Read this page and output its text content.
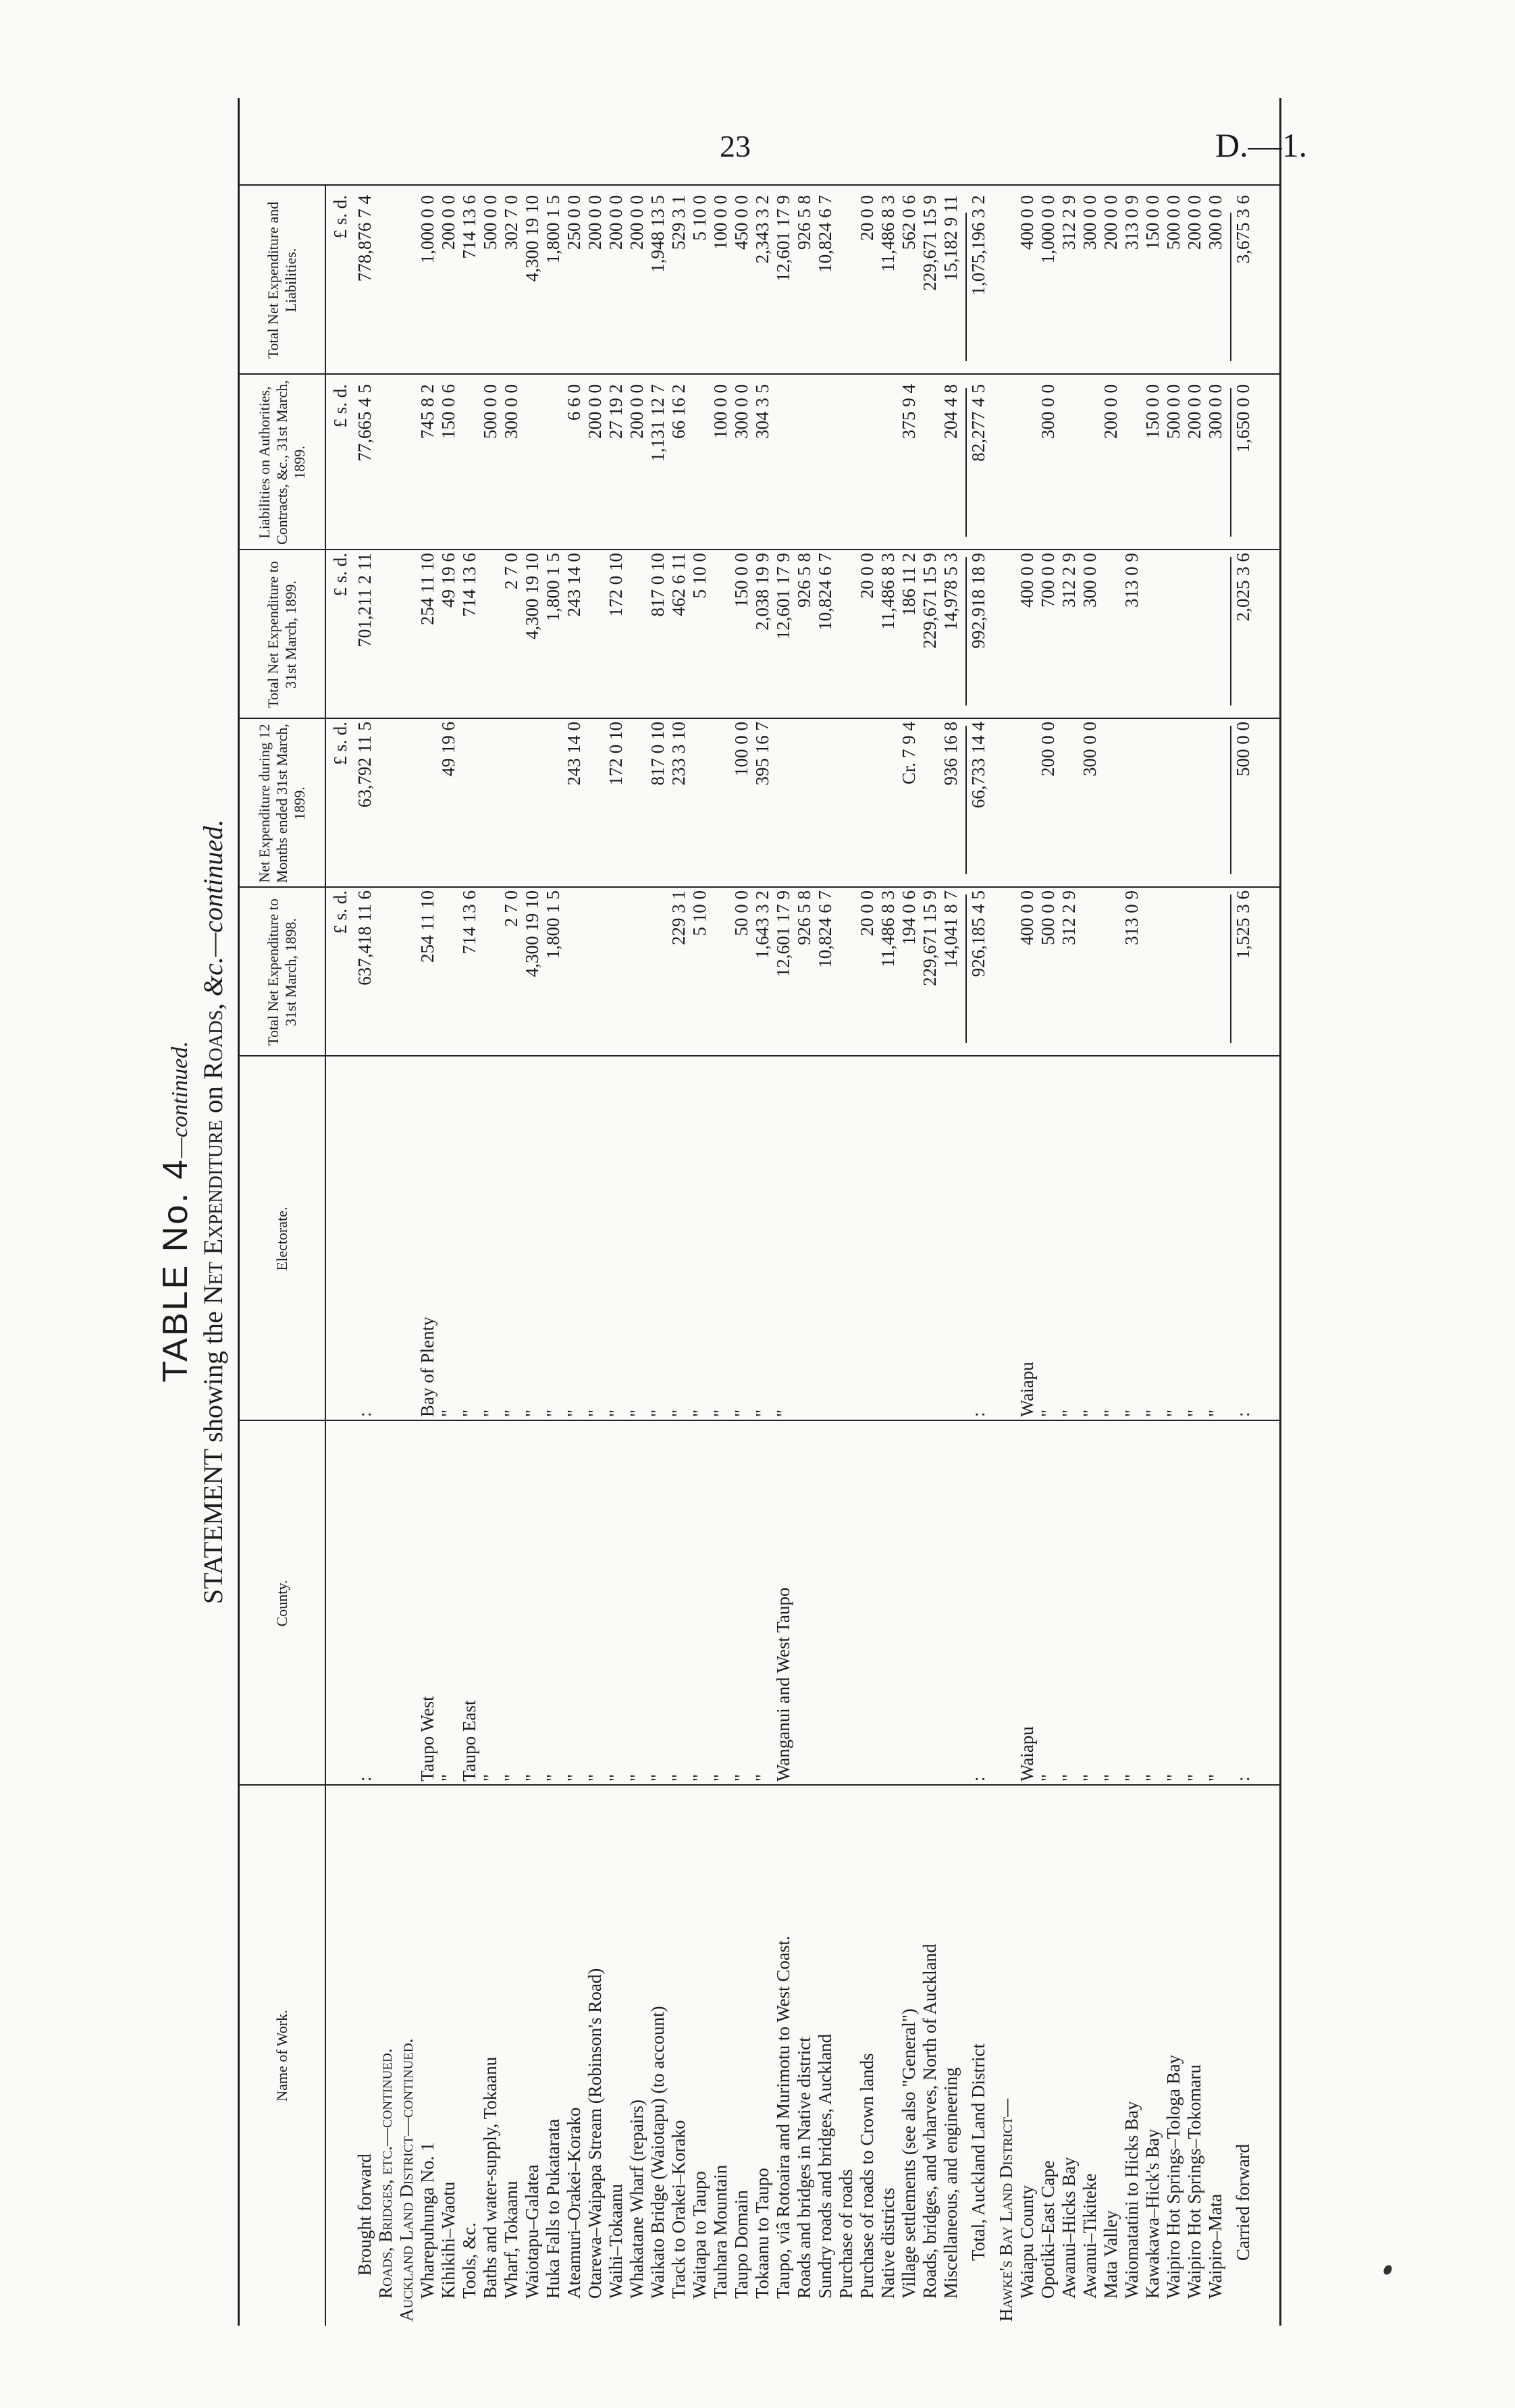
23	D.—1.
TABLE No. 4—continued.
STATEMENT showing the Net Expenditure on Roads, &c.—continued.
Name of Work.
County.
Electorate.
Total Net Expenditure to 31st March, 1898.
Net Expenditure during 12 Months ended 31st March, 1899.
Total Net Expenditure to 31st March, 1899.
Liabilities on Authorities, Contracts, &c., 31st March, 1899.
Total Net Expenditure and Liabilities.
£ s. d.
£ s. d.
£ s. d.
£ s. d.
£ s. d.
Brought forward
:
:
637,418 11 6
63,792 11 5
701,211 2 11
77,665 4 5
778,876 7 4
Roads, Bridges, etc.—continued. Auckland Land District—continued. Wharepuhunga No. 1
Taupo West
Bay of Plenty
254 11 10
254 11 10
745 8 2
1,000 0 0
Kihikihi–Waotu
"
"
49 19 6
49 19 6
150 0 6
200 0 0
Tools, &c.
Taupo East
"
714 13 6
714 13 6
714 13 6
Baths and water-supply, Tokaanu
"
"
500 0 0
500 0 0
Wharf, Tokaanu
"
"
2 7 0
2 7 0
300 0 0
302 7 0
Waiotapu–Galatea
"
"
4,300 19 10
4,300 19 10
4,300 19 10
Huka Falls to Pukatarata
"
"
1,800 1 5
1,800 1 5
1,800 1 5
Ateamuri–Orakei–Korako
"
"
243 14 0
243 14 0
6 6 0
250 0 0
Otarewa–Waipapa Stream (Robinson's Road)
"
"
200 0 0
200 0 0
Waihi–Tokaanu
"
"
172 0 10
172 0 10
27 19 2
200 0 0
Whakatane Wharf (repairs)
"
"
200 0 0
200 0 0
Waikato Bridge (Waiotapu) (to account)
"
"
817 0 10
817 0 10
1,131 12 7
1,948 13 5
Track to Orakei–Korako
"
"
229 3 1
233 3 10
462 6 11
66 16 2
529 3 1
Waitapa to Taupo
"
"
5 10 0
5 10 0
5 10 0
Tauhara Mountain
"
"
100 0 0
100 0 0
Taupo Domain
"
"
50 0 0
100 0 0
150 0 0
300 0 0
450 0 0
Tokaanu to Taupo
"
"
1,643 3 2
395 16 7
2,038 19 9
304 3 5
2,343 3 2
Taupo, viâ Rotoaira and Murimotu to West Coast.
Wanganui and West Taupo
"
12,601 17 9
12,601 17 9
12,601 17 9
Roads and bridges in Native district
926 5 8
926 5 8
926 5 8
Sundry roads and bridges, Auckland
10,824 6 7
10,824 6 7
10,824 6 7
Purchase of roads Purchase of roads to Crown lands
20 0 0
20 0 0
20 0 0
Native districts
11,486 8 3
11,486 8 3
11,486 8 3
Village settlements (see also "General")
194 0 6
Cr. 7 9 4
186 11 2
375 9 4
562 0 6
Roads, bridges, and wharves, North of Auckland
229,671 15 9
229,671 15 9
229,671 15 9
Miscellaneous, and engineering
14,041 8 7
936 16 8
14,978 5 3
204 4 8
15,182 9 11
Total, Auckland Land District
:
:
926,185 4 5
66,733 14 4
992,918 18 9
82,277 4 5
1,075,196 3 2
Hawke's Bay Land District— Waiapu County
Waiapu
Waiapu
400 0 0
400 0 0
400 0 0
Opotiki–East Cape
"
"
500 0 0
200 0 0
700 0 0
300 0 0
1,000 0 0
Awanui–Hicks Bay
"
"
312 2 9
312 2 9
312 2 9
Awanui–Tikiteke
"
"
300 0 0
300 0 0
300 0 0
Mata Valley
"
"
200 0 0
200 0 0
Waiomatatini to Hicks Bay
"
"
313 0 9
313 0 9
313 0 9
Kawakawa–Hick's Bay
"
"
150 0 0
150 0 0
Waipiro Hot Springs–Tologa Bay
"
"
500 0 0
500 0 0
Waipiro Hot Springs–Tokomaru
"
"
200 0 0
200 0 0
Waipiro–Mata
"
"
300 0 0
300 0 0
Carried forward
:
:
1,525 3 6
500 0 0
2,025 3 6
1,650 0 0
3,675 3 6
